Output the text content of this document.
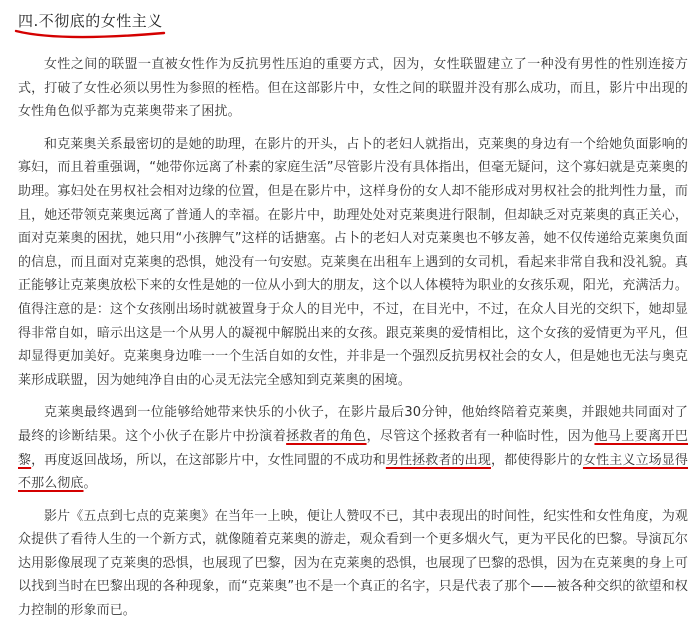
四.不彻底的女性主义

女性之间的联盟一直被女性作为反抗男性压迫的重要方式，因为，女性联盟建立了一种没有男性的性别连接方式，打破了女性必须以男性为参照的桎梏。但在这部影片中，女性之间的联盟并没有那么成功，而且，影片中出现的女性角色似乎都为克莱奥带来了困扰。

和克莱奥关系最密切的是她的助理，在影片的开头，占卜的老妇人就指出，克莱奥的身边有一个给她负面影响的寡妇，而且着重强调，“她带你远离了朴素的家庭生活”尽管影片没有具体指出，但毫无疑问，这个寡妇就是克莱奥的助理。寡妇处在男权社会相对边缘的位置，但是在影片中，这样身份的女人却不能形成对男权社会的批判性力量，而且，她还带领克莱奥远离了普通人的幸福。在影片中，助理处处对克莱奥进行限制，但却缺乏对克莱奥的真正关心，面对克莱奥的困扰，她只用“小孩脾气”这样的话搪塞。占卜的老妇人对克莱奥也不够友善，她不仅传递给克莱奥负面的信息，而且面对克莱奥的恐惧，她没有一句安慰。克莱奥在出租车上遇到的女司机，看起来非常自我和没礼貌。真正能够让克莱奥放松下来的女性是她的一位从小到大的朋友，这个以人体模特为职业的女孩乐观，阳光，充满活力。值得注意的是：这个女孩刚出场时就被置身于众人的目光中，不过，在目光中，不过，在众人目光的交织下，她却显得非常自如，暗示出这是一个从男人的凝视中解脱出来的女孩。跟克莱奥的爱情相比，这个女孩的爱情更为平凡，但却显得更加美好。克莱奥身边唯一一个生活自如的女性，并非是一个强烈反抗男权社会的女人，但是她也无法与奥克莱形成联盟，因为她纯净自由的心灵无法完全感知到克莱奥的困境。

克莱奥最终遇到一位能够给她带来快乐的小伙子，在影片最后30分钟，他始终陪着克莱奥，并跟她共同面对了最终的诊断结果。这个小伙子在影片中扮演着拯救者的角色，尽管这个拯救者有一种临时性，因为他马上要离开巴黎，再度返回战场，所以，在这部影片中，女性同盟的不成功和男性拯救者的出现，都使得影片的女性主义立场显得不那么彻底。

影片《五点到七点的克莱奥》在当年一上映，便让人赞叹不已，其中表现出的时间性，纪实性和女性角度，为观众提供了看待人生的一个新方式，就像随着克莱奥的游走，观众看到一个更多烟火气，更为平民化的巴黎。导演瓦尔达用影像展现了克莱奥的恐惧，也展现了巴黎，因为在克莱奥的恐惧，也展现了巴黎的恐惧，因为在克莱奥的身上可以找到当时在巴黎出现的各种现象，而“克莱奥”也不是一个真正的名字，只是代表了那个——被各种交织的欲望和权力控制的形象而已。
